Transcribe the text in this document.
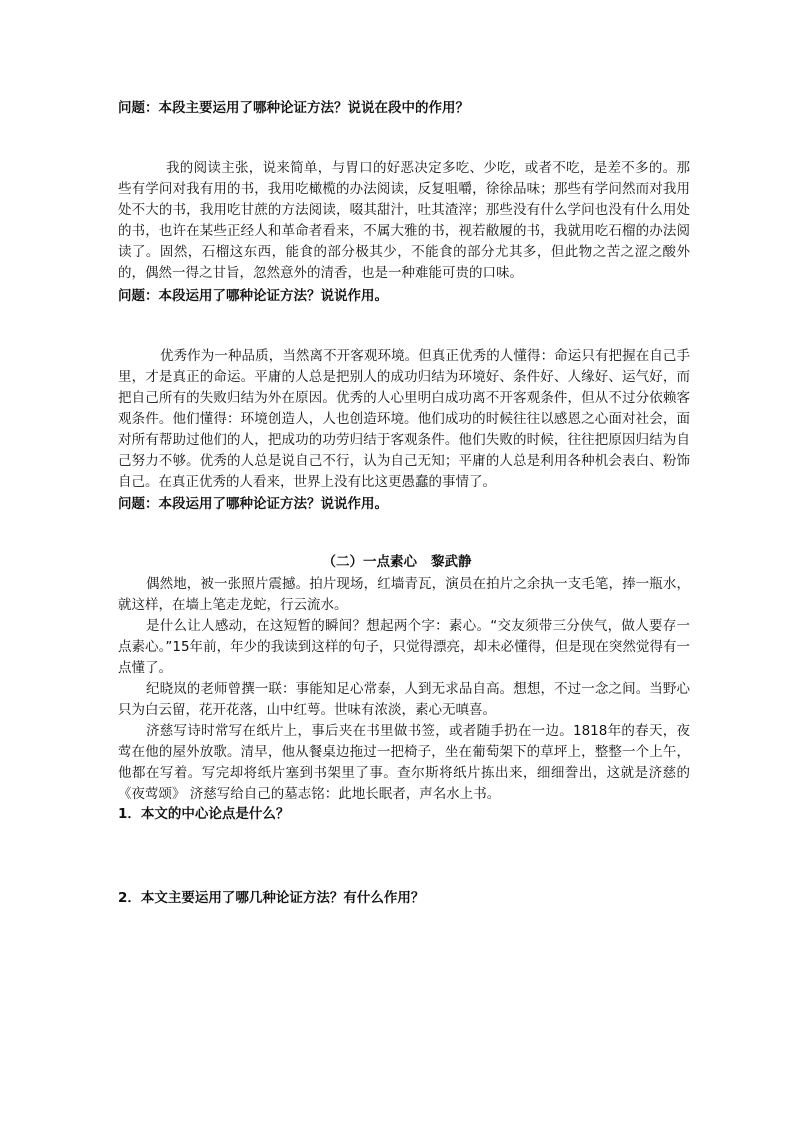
问题：本段主要运用了哪种论证方法？说说在段中的作用？

我的阅读主张，说来简单，与胃口的好恶决定多吃、少吃，或者不吃，是差不多的。那些有学问对我有用的书，我用吃橄榄的办法阅读，反复咀嚼，徐徐品味；那些有学问然而对我用处不大的书，我用吃甘蔗的方法阅读，啜其甜汁，吐其渣滓；那些没有什么学问也没有什么用处的书，也许在某些正经人和革命者看来，不属大雅的书，视若敝履的书，我就用吃石榴的办法阅读了。固然，石榴这东西，能食的部分极其少，不能食的部分尤其多，但此物之苦之涩之酸外的，偶然一得之甘旨，忽然意外的清香，也是一种难能可贵的口味。

问题：本段运用了哪种论证方法？说说作用。

优秀作为一种品质，当然离不开客观环境。但真正优秀的人懂得：命运只有把握在自己手里，才是真正的命运。平庸的人总是把别人的成功归结为环境好、条件好、人缘好、运气好，而把自己所有的失败归结为外在原因。优秀的人心里明白成功离不开客观条件，但从不过分依赖客观条件。他们懂得：环境创造人，人也创造环境。他们成功的时候往往以感恩之心面对社会，面对所有帮助过他们的人，把成功的功劳归结于客观条件。他们失败的时候，往往把原因归结为自己努力不够。优秀的人总是说自己不行，认为自己无知；平庸的人总是利用各种机会表白、粉饰自己。在真正优秀的人看来，世界上没有比这更愚蠢的事情了。

问题：本段运用了哪种论证方法？说说作用。
（二）一点素心 黎武静

偶然地，被一张照片震撼。拍片现场，红墙青瓦，演员在拍片之余执一支毛笔，捧一瓶水，就这样，在墙上笔走龙蛇，行云流水。

是什么让人感动，在这短暂的瞬间？想起两个字：素心。“交友须带三分侠气，做人要存一点素心。”15年前，年少的我读到这样的句子，只觉得漂亮，却未必懂得，但是现在突然觉得有一点懂了。

纪晓岚的老师曾撰一联：事能知足心常泰，人到无求品自高。想想，不过一念之间。当野心只为白云留，花开花落，山中红萼。世味有浓淡，素心无嗔喜。

济慈写诗时常写在纸片上，事后夹在书里做书签，或者随手扔在一边。1818年的春天，夜莺在他的屋外放歌。清早，他从餐桌边拖过一把椅子，坐在葡萄架下的草坪上，整整一个上午，他都在写着。写完却将纸片塞到书架里了事。查尔斯将纸片拣出来，细细誊出，这就是济慈的《夜莺颂》 济慈写给自己的墓志铭：此地长眠者，声名水上书。

1．本文的中心论点是什么？
2．本文主要运用了哪几种论证方法？有什么作用？
